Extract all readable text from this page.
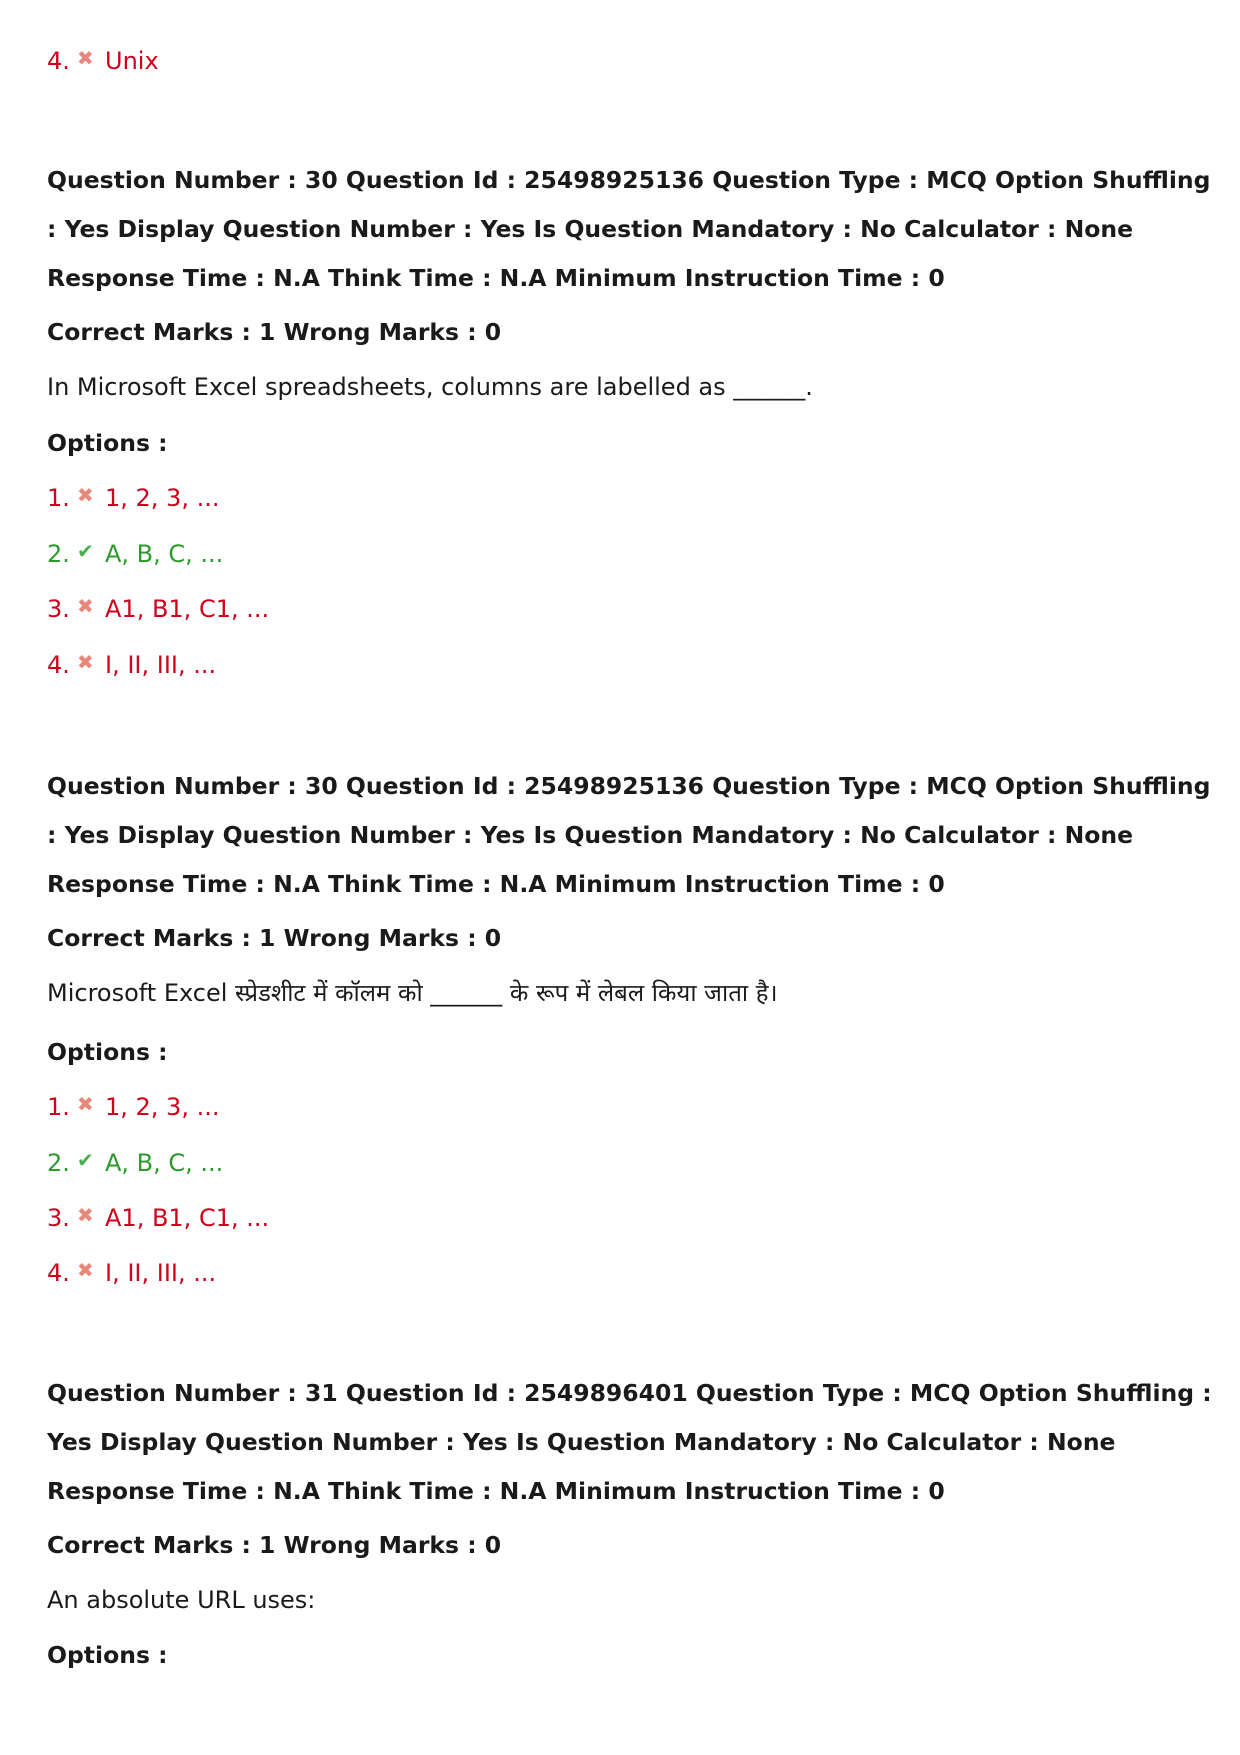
4. ✖ Unix
Question Number : 30 Question Id : 25498925136 Question Type : MCQ Option Shuffling : Yes Display Question Number : Yes Is Question Mandatory : No Calculator : None Response Time : N.A Think Time : N.A Minimum Instruction Time : 0
Correct Marks : 1 Wrong Marks : 0
In Microsoft Excel spreadsheets, columns are labelled as ______.
Options :
1. ✖ 1, 2, 3, ...
2. ✔ A, B, C, ...
3. ✖ A1, B1, C1, ...
4. ✖ I, II, III, ...
Question Number : 30 Question Id : 25498925136 Question Type : MCQ Option Shuffling : Yes Display Question Number : Yes Is Question Mandatory : No Calculator : None Response Time : N.A Think Time : N.A Minimum Instruction Time : 0
Correct Marks : 1 Wrong Marks : 0
Microsoft Excel स्प्रेडशीट में कॉलम को ______ के रूप में लेबल किया जाता है।
Options :
1. ✖ 1, 2, 3, ...
2. ✔ A, B, C, ...
3. ✖ A1, B1, C1, ...
4. ✖ I, II, III, ...
Question Number : 31 Question Id : 2549896401 Question Type : MCQ Option Shuffling : Yes Display Question Number : Yes Is Question Mandatory : No Calculator : None Response Time : N.A Think Time : N.A Minimum Instruction Time : 0
Correct Marks : 1 Wrong Marks : 0
An absolute URL uses:
Options :
